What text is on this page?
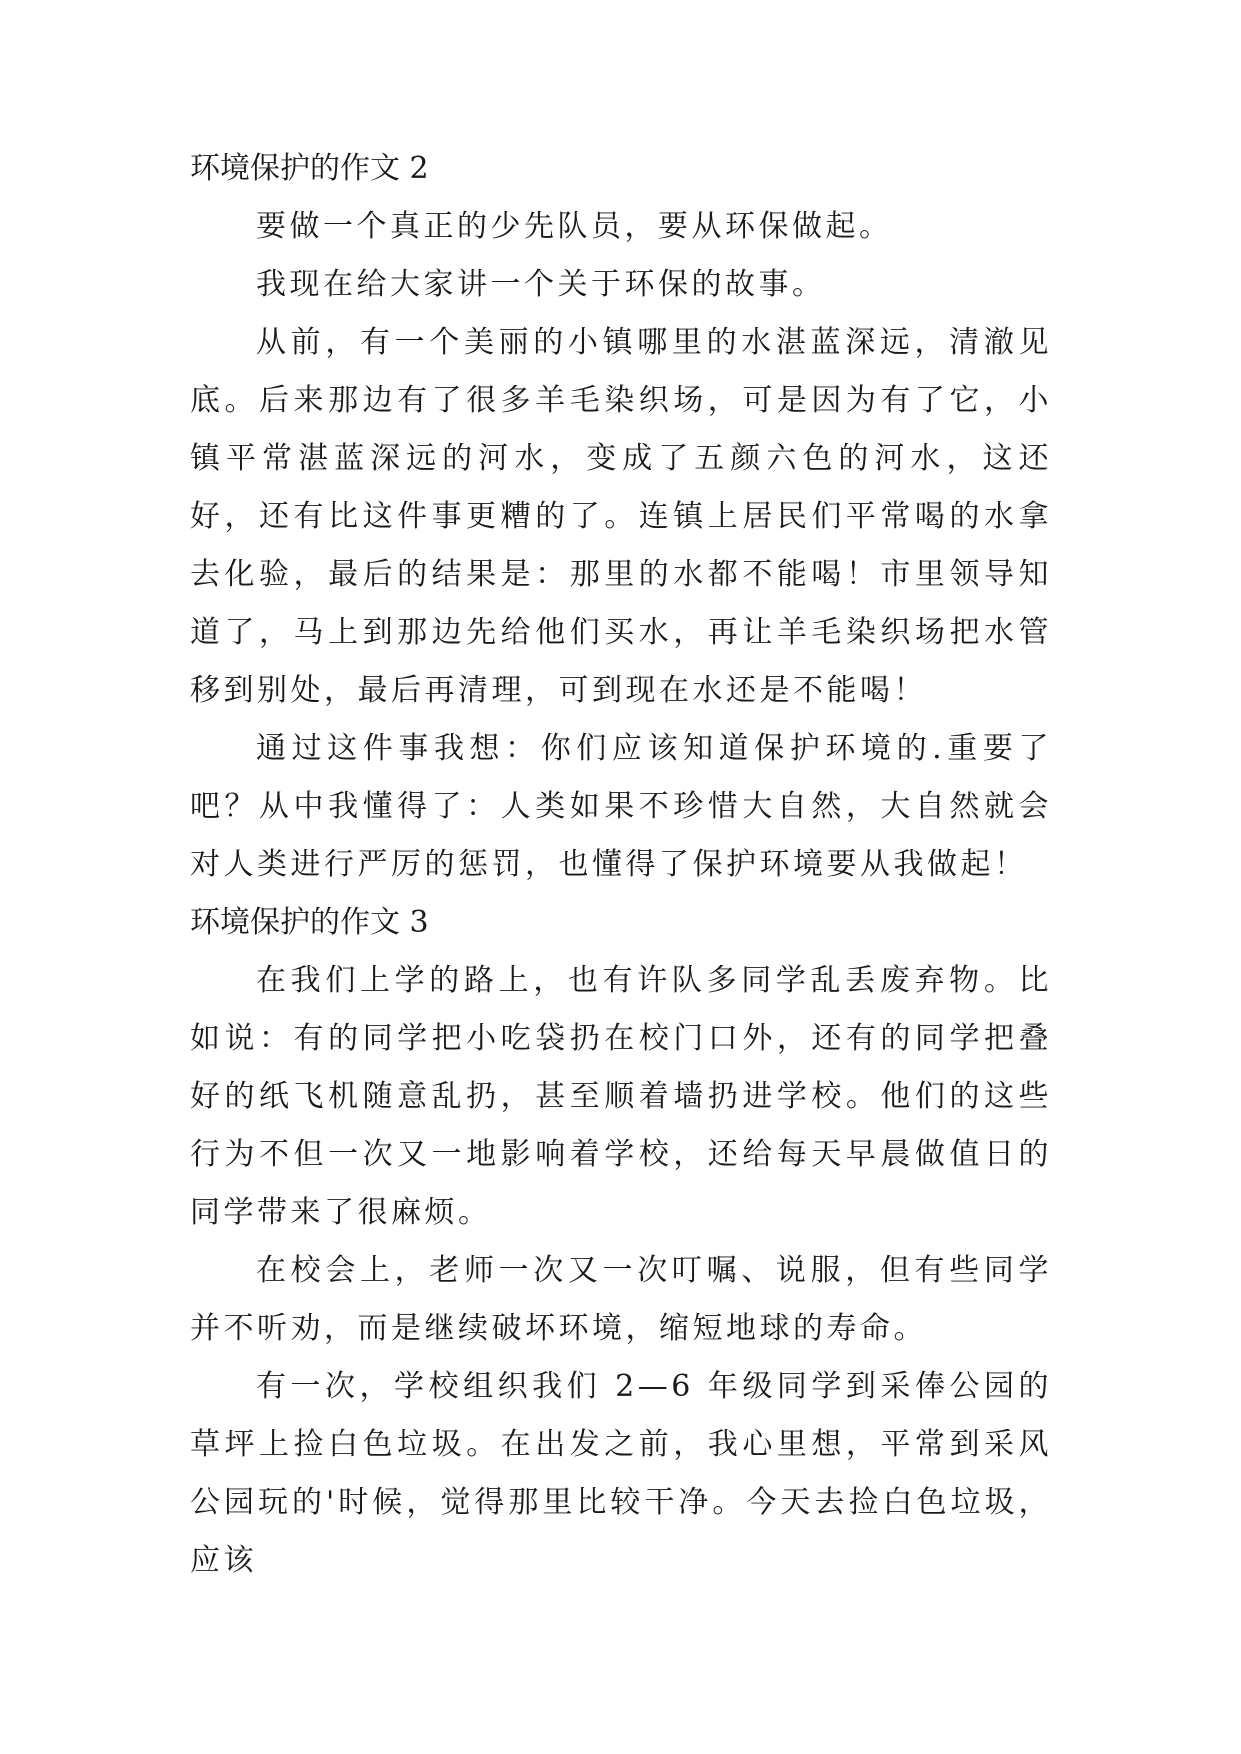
环境保护的作文 2

要做一个真正的少先队员，要从环保做起。

我现在给大家讲一个关于环保的故事。

从前，有一个美丽的小镇哪里的水湛蓝深远，清澈见底。后来那边有了很多羊毛染织场，可是因为有了它，小镇平常湛蓝深远的河水，变成了五颜六色的河水，这还好，还有比这件事更糟的了。连镇上居民们平常喝的水拿去化验，最后的结果是：那里的水都不能喝！市里领导知道了，马上到那边先给他们买水，再让羊毛染织场把水管移到别处，最后再清理，可到现在水还是不能喝！

通过这件事我想：你们应该知道保护环境的.重要了吧？从中我懂得了：人类如果不珍惜大自然，大自然就会对人类进行严厉的惩罚，也懂得了保护环境要从我做起！

环境保护的作文 3

在我们上学的路上，也有许队多同学乱丢废弃物。比如说：有的同学把小吃袋扔在校门口外，还有的同学把叠好的纸飞机随意乱扔，甚至顺着墙扔进学校。他们的这些行为不但一次又一地影响着学校，还给每天早晨做值日的同学带来了很麻烦。

在校会上，老师一次又一次叮嘱、说服，但有些同学并不听劝，而是继续破坏环境，缩短地球的寿命。

有一次，学校组织我们 2—6 年级同学到采俸公园的草坪上捡白色垃圾。在出发之前，我心里想，平常到采风公园玩的'时候，觉得那里比较干净。今天去捡白色垃圾，应该
